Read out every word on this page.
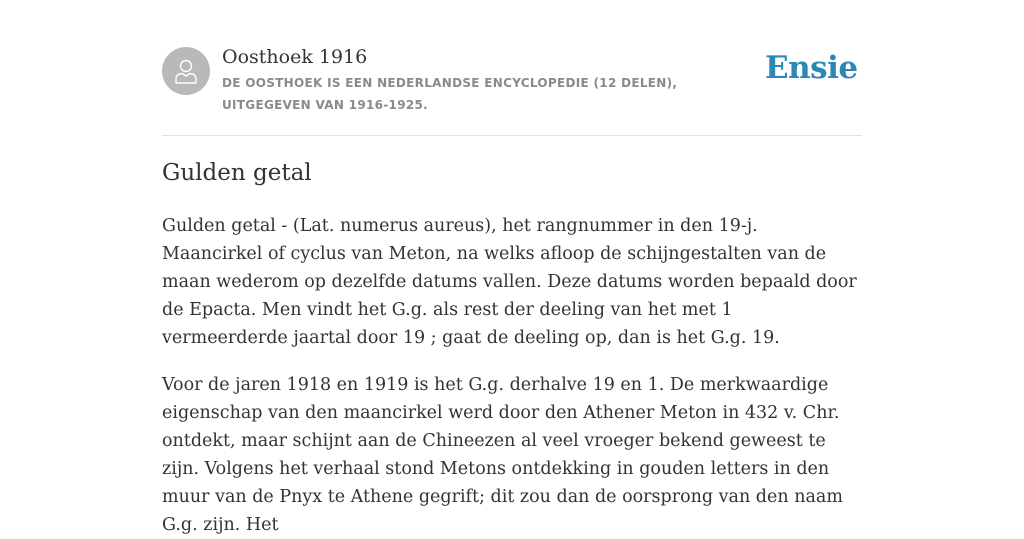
Oosthoek 1916
DE OOSTHOEK IS EEN NEDERLANDSE ENCYCLOPEDIE (12 DELEN), UITGEGEVEN VAN 1916-1925.
Ensie
Gulden getal

Gulden getal - (Lat. numerus aureus), het rangnummer in den 19-j. Maancirkel of cyclus van Meton, na welks afloop de schijngestalten van de maan wederom op dezelfde datums vallen. Deze datums worden bepaald door de Epacta. Men vindt het G.g. als rest der deeling van het met 1 vermeerderde jaartal door 19 ; gaat de deeling op, dan is het G.g. 19.

Voor de jaren 1918 en 1919 is het G.g. derhalve 19 en 1. De merkwaardige eigenschap van den maancirkel werd door den Athener Meton in 432 v. Chr. ontdekt, maar schijnt aan de Chineezen al veel vroeger bekend geweest te zijn. Volgens het verhaal stond Metons ontdekking in gouden letters in den muur van de Pnyx te Athene gegrift; dit zou dan de oorsprong van den naam G.g. zijn. Het
